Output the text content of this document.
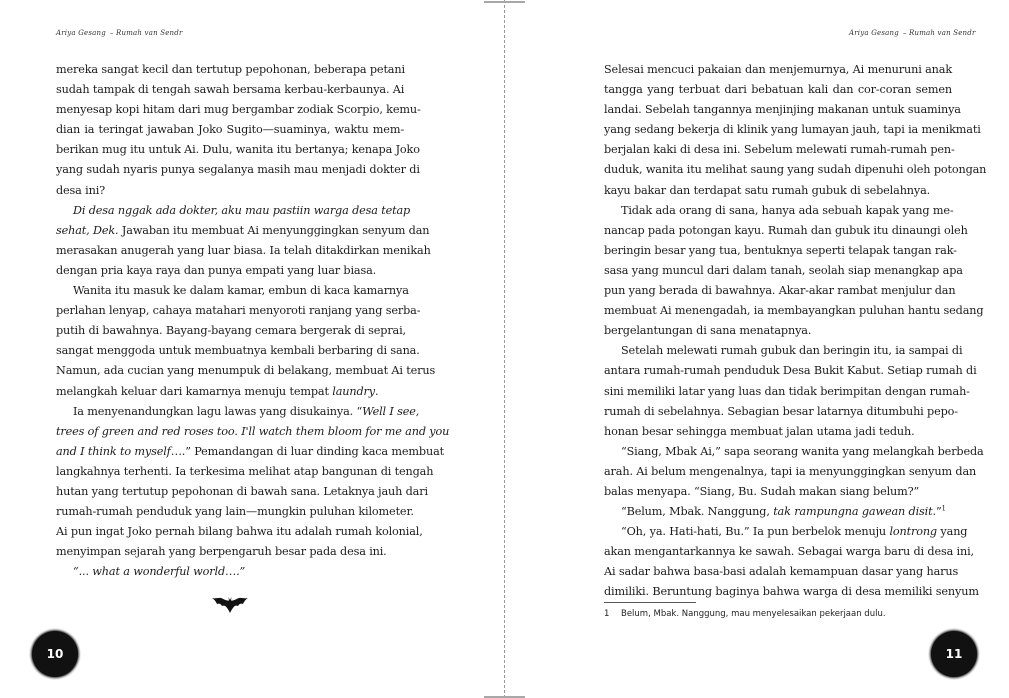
Ariya Gesang – Rumah van Sendr
mereka sangat kecil dan tertutup pepohonan, beberapa petani
sudah tampak di tengah sawah bersama kerbau-kerbaunya. Ai
menyesap kopi hitam dari mug bergambar zodiak Scorpio, kemu-
dian ia teringat jawaban Joko Sugito—suaminya, waktu mem-
berikan mug itu untuk Ai. Dulu, wanita itu bertanya; kenapa Joko
yang sudah nyaris punya segalanya masih mau menjadi dokter di
desa ini?
Di desa nggak ada dokter, aku mau pastiin warga desa tetap
sehat, Dek. Jawaban itu membuat Ai menyunggingkan senyum dan
merasakan anugerah yang luar biasa. Ia telah ditakdirkan menikah
dengan pria kaya raya dan punya empati yang luar biasa.
Wanita itu masuk ke dalam kamar, embun di kaca kamarnya
perlahan lenyap, cahaya matahari menyoroti ranjang yang serba-
putih di bawahnya. Bayang-bayang cemara bergerak di seprai,
sangat menggoda untuk membuatnya kembali berbaring di sana.
Namun, ada cucian yang menumpuk di belakang, membuat Ai terus
melangkah keluar dari kamarnya menuju tempat laundry.
Ia menyenandungkan lagu lawas yang disukainya. “Well I see,
trees of green and red roses too. I'll watch them bloom for me and you
and I think to myself….” Pemandangan di luar dinding kaca membuat
langkahnya terhenti. Ia terkesima melihat atap bangunan di tengah
hutan yang tertutup pepohonan di bawah sana. Letaknya jauh dari
rumah-rumah penduduk yang lain—mungkin puluhan kilometer.
Ai pun ingat Joko pernah bilang bahwa itu adalah rumah kolonial,
menyimpan sejarah yang berpengaruh besar pada desa ini.
“... what a wonderful world….”
10
Ariya Gesang – Rumah van Sendr
Selesai mencuci pakaian dan menjemurnya, Ai menuruni anak
tangga yang terbuat dari bebatuan kali dan cor-coran semen
landai. Sebelah tangannya menjinjing makanan untuk suaminya
yang sedang bekerja di klinik yang lumayan jauh, tapi ia menikmati
berjalan kaki di desa ini. Sebelum melewati rumah-rumah pen-
duduk, wanita itu melihat saung yang sudah dipenuhi oleh potongan
kayu bakar dan terdapat satu rumah gubuk di sebelahnya.
Tidak ada orang di sana, hanya ada sebuah kapak yang me-
nancap pada potongan kayu. Rumah dan gubuk itu dinaungi oleh
beringin besar yang tua, bentuknya seperti telapak tangan rak-
sasa yang muncul dari dalam tanah, seolah siap menangkap apa
pun yang berada di bawahnya. Akar-akar rambat menjulur dan
membuat Ai menengadah, ia membayangkan puluhan hantu sedang
bergelantungan di sana menatapnya.
Setelah melewati rumah gubuk dan beringin itu, ia sampai di
antara rumah-rumah penduduk Desa Bukit Kabut. Setiap rumah di
sini memiliki latar yang luas dan tidak berimpitan dengan rumah-
rumah di sebelahnya. Sebagian besar latarnya ditumbuhi pepo-
honan besar sehingga membuat jalan utama jadi teduh.
“Siang, Mbak Ai,” sapa seorang wanita yang melangkah berbeda
arah. Ai belum mengenalnya, tapi ia menyunggingkan senyum dan
balas menyapa. “Siang, Bu. Sudah makan siang belum?”
“Belum, Mbak. Nanggung, tak rampungna gawean disit.”$^1$
“Oh, ya. Hati-hati, Bu.” Ia pun berbelok menuju lontrong yang
akan mengantarkannya ke sawah. Sebagai warga baru di desa ini,
Ai sadar bahwa basa-basi adalah kemampuan dasar yang harus
dimiliki. Beruntung baginya bahwa warga di desa memiliki senyum
1 Belum, Mbak. Nanggung, mau menyelesaikan pekerjaan dulu.
11
